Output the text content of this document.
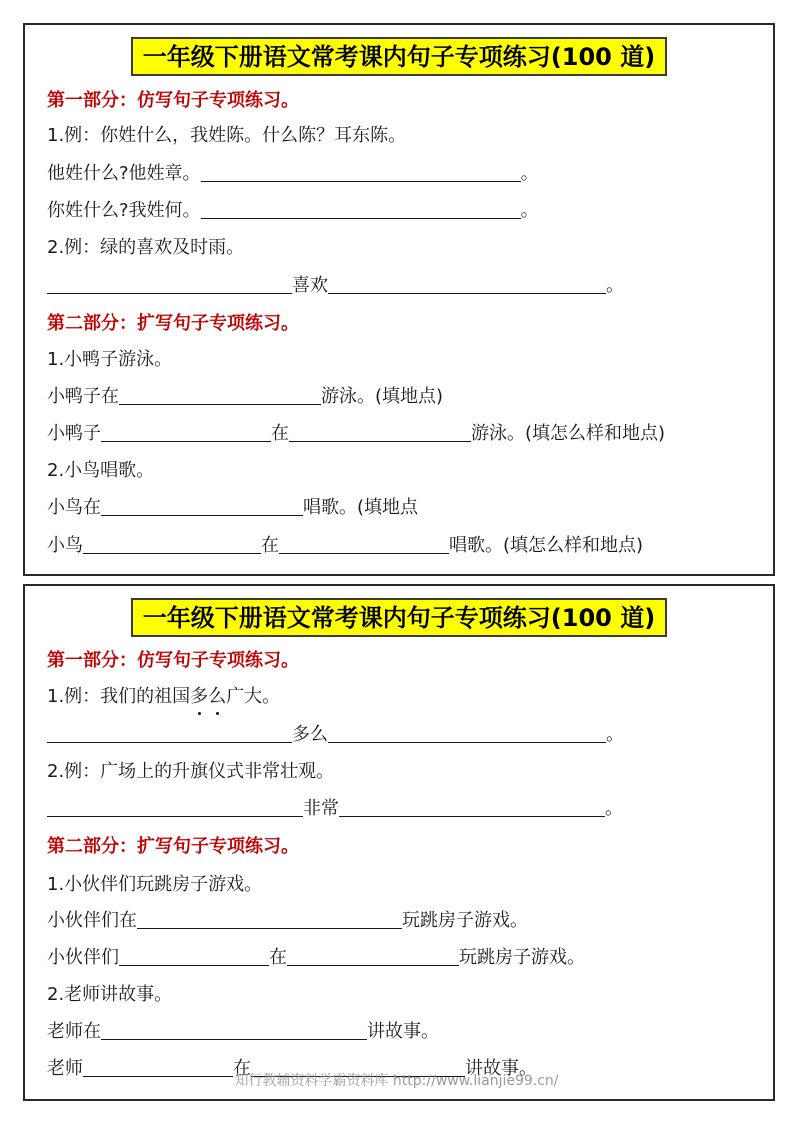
一年级下册语文常考课内句子专项练习(100 道)
第一部分：仿写句子专项练习。
1.例：你姓什么，我姓陈。什么陈？耳东陈。
他姓什么?他姓章。	。
你姓什么?我姓何。	。
2.例：绿的喜欢及时雨。
喜欢	。
第二部分：扩写句子专项练习。
1.小鸭子游泳。
小鸭子在	游泳。(填地点)
小鸭子	在	游泳。(填怎么样和地点)
2.小鸟唱歌。
小鸟在	唱歌。(填地点
小鸟	在	唱歌。(填怎么样和地点)
一年级下册语文常考课内句子专项练习(100 道)
第一部分：仿写句子专项练习。
1.例：我们的祖国多么广大。
多么	。
2.例：广场上的升旗仪式非常壮观。
非常	。
第二部分：扩写句子专项练习。
1.小伙伴们玩跳房子游戏。
小伙伴们在	玩跳房子游戏。
小伙伴们	在	玩跳房子游戏。
2.老师讲故事。
老师在	讲故事。
老师	在	讲故事。
知行教辅资料学霸资料库 http://www.lianjie99.cn/
